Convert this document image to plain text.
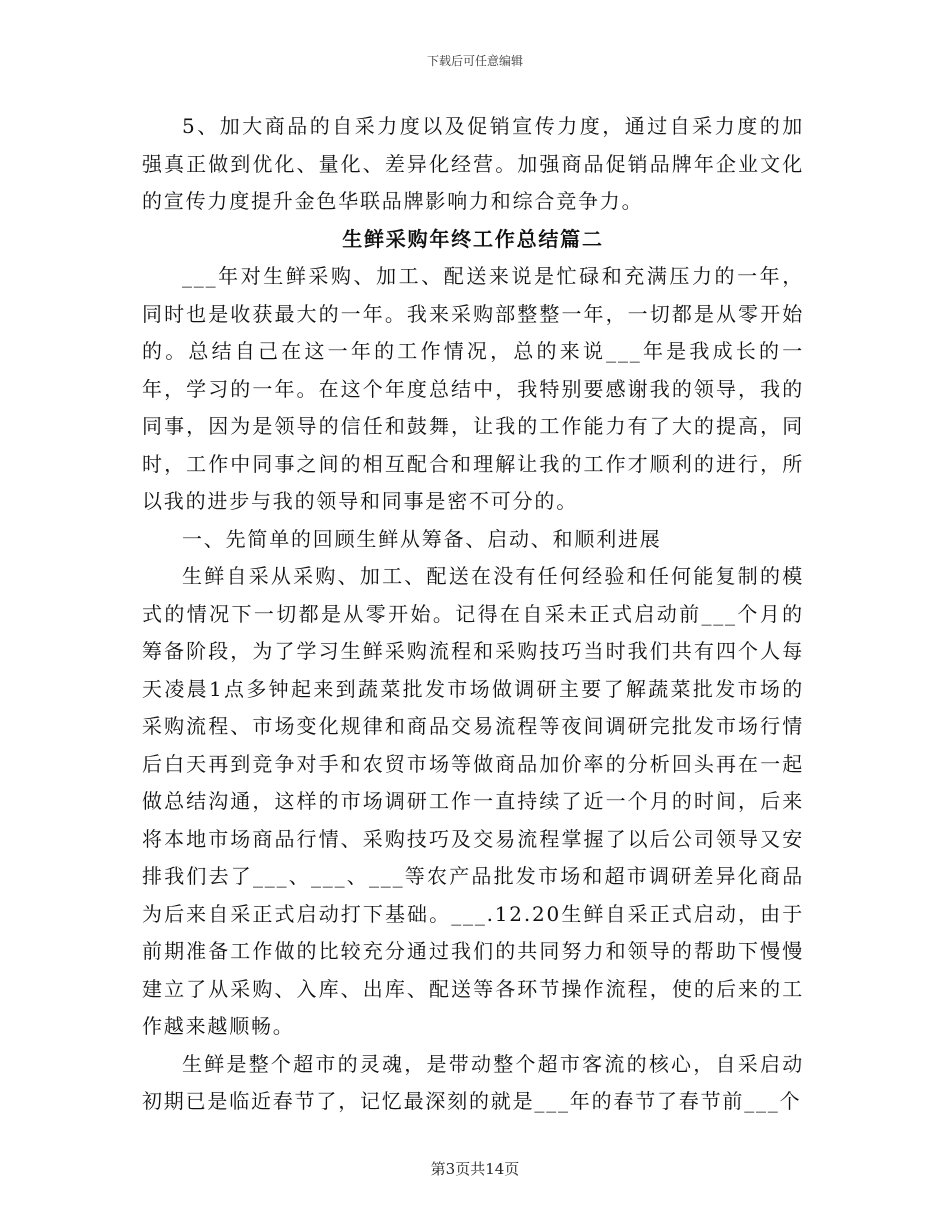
下载后可任意编辑

5、加大商品的自采力度以及促销宣传力度，通过自采力度的加强真正做到优化、量化、差异化经营。加强商品促销品牌年企业文化的宣传力度提升金色华联品牌影响力和综合竞争力。

生鲜采购年终工作总结篇二

___年对生鲜采购、加工、配送来说是忙碌和充满压力的一年，同时也是收获最大的一年。我来采购部整整一年，一切都是从零开始的。总结自己在这一年的工作情况，总的来说___年是我成长的一年，学习的一年。在这个年度总结中，我特别要感谢我的领导，我的同事，因为是领导的信任和鼓舞，让我的工作能力有了大的提高，同时，工作中同事之间的相互配合和理解让我的工作才顺利的进行，所以我的进步与我的领导和同事是密不可分的。

一、先简单的回顾生鲜从筹备、启动、和顺利进展

生鲜自采从采购、加工、配送在没有任何经验和任何能复制的模式的情况下一切都是从零开始。记得在自采未正式启动前___个月的筹备阶段，为了学习生鲜采购流程和采购技巧当时我们共有四个人每天凌晨1点多钟起来到蔬菜批发市场做调研主要了解蔬菜批发市场的采购流程、市场变化规律和商品交易流程等夜间调研完批发市场行情后白天再到竞争对手和农贸市场等做商品加价率的分析回头再在一起做总结沟通，这样的市场调研工作一直持续了近一个月的时间，后来将本地市场商品行情、采购技巧及交易流程掌握了以后公司领导又安排我们去了___、___、___等农产品批发市场和超市调研差异化商品为后来自采正式启动打下基础。___.12.20生鲜自采正式启动，由于前期准备工作做的比较充分通过我们的共同努力和领导的帮助下慢慢建立了从采购、入库、出库、配送等各环节操作流程，使的后来的工作越来越顺畅。

生鲜是整个超市的灵魂，是带动整个超市客流的核心，自采启动初期已是临近春节了，记忆最深刻的就是___年的春节了春节前___个

第3页共14页
